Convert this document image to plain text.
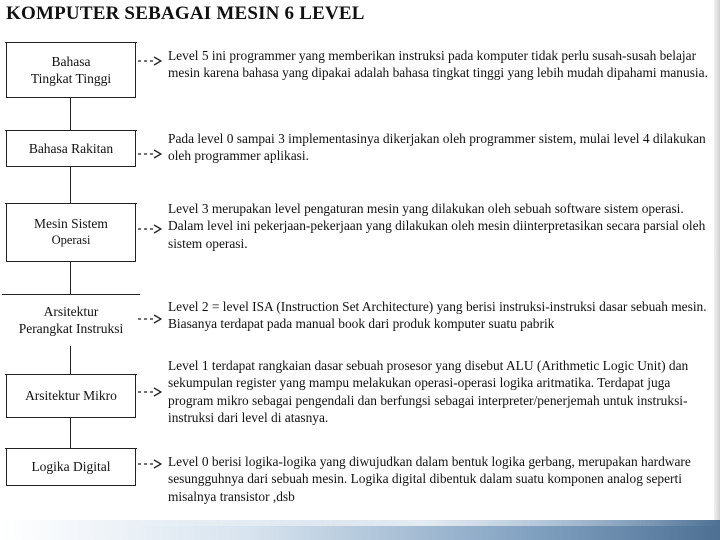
KOMPUTER SEBAGAI MESIN 6 LEVEL
Bahasa
Tingkat Tinggi
Level 5 ini programmer yang memberikan instruksi pada komputer tidak perlu susah-susah belajar mesin karena bahasa yang dipakai adalah bahasa tingkat tinggi yang lebih mudah dipahami manusia.
Bahasa Rakitan
Pada level 0 sampai 3 implementasinya dikerjakan oleh programmer sistem, mulai level 4 dilakukan oleh programmer aplikasi.
Mesin Sistem
Operasi
Level 3 merupakan level pengaturan mesin yang dilakukan oleh sebuah software sistem operasi. Dalam level ini pekerjaan-pekerjaan yang dilakukan oleh mesin diinterpretasikan secara parsial oleh sistem operasi.
Arsitektur
Perangkat Instruksi
Level 2 = level ISA (Instruction Set Architecture) yang berisi instruksi-instruksi dasar sebuah mesin. Biasanya terdapat pada manual book dari produk komputer suatu pabrik
Arsitektur Mikro
Level 1 terdapat rangkaian dasar sebuah prosesor yang disebut ALU (Arithmetic Logic Unit) dan sekumpulan register yang mampu melakukan operasi-operasi logika aritmatika. Terdapat juga program mikro sebagai pengendali dan berfungsi sebagai interpreter/penerjemah untuk instruksi-instruksi dari level di atasnya.
Logika Digital	Level 0 berisi logika-logika yang diwujudkan dalam bentuk logika gerbang, merupakan hardware sesungguhnya dari sebuah mesin. Logika digital dibentuk dalam suatu komponen analog seperti misalnya transistor ,dsb
